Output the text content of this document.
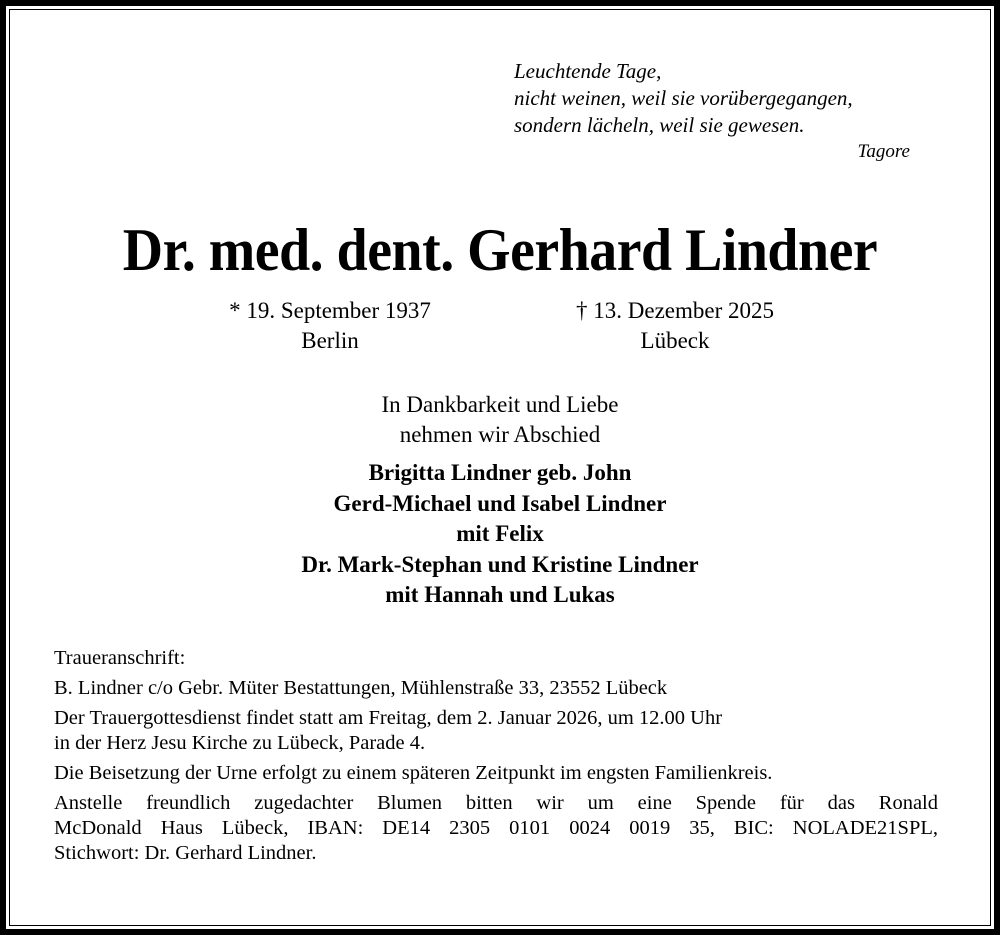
Leuchtende Tage,
nicht weinen, weil sie vorübergegangen,
sondern lächeln, weil sie gewesen.
Tagore
Dr. med. dent. Gerhard Lindner
* 19. September 1937
Berlin
† 13. Dezember 2025
Lübeck
In Dankbarkeit und Liebe
nehmen wir Abschied
Brigitta Lindner geb. John
Gerd-Michael und Isabel Lindner
mit Felix
Dr. Mark-Stephan und Kristine Lindner
mit Hannah und Lukas

Traueranschrift:

B. Lindner c/o Gebr. Müter Bestattungen, Mühlenstraße 33, 23552 Lübeck

Der Trauergottesdienst findet statt am Freitag, dem 2. Januar 2026, um 12.00 Uhr
in der Herz Jesu Kirche zu Lübeck, Parade 4.

Die Beisetzung der Urne erfolgt zu einem späteren Zeitpunkt im engsten Familienkreis.

Anstelle freundlich zugedachter Blumen bitten wir um eine Spende für das Ronald
McDonald Haus Lübeck, IBAN: DE14 2305 0101 0024 0019 35, BIC: NOLADE21SPL,
Stichwort: Dr. Gerhard Lindner.
